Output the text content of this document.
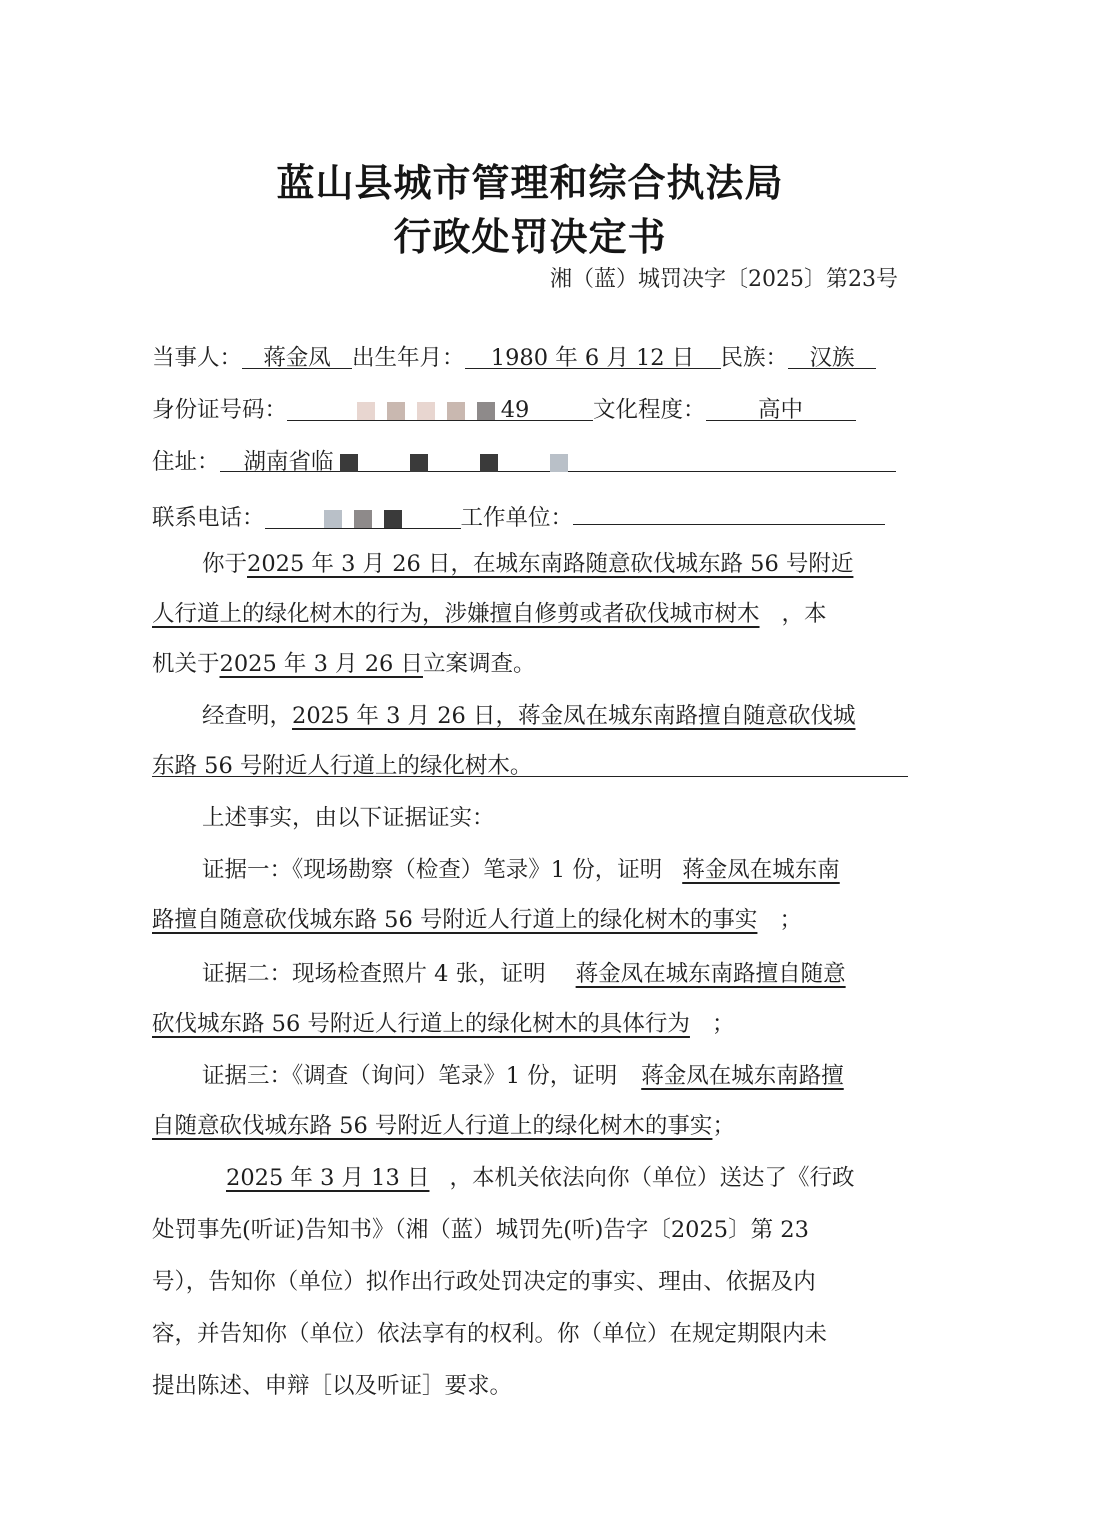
蓝山县城市管理和综合执法局
行政处罚决定书
湘（蓝）城罚决字〔2025〕第23号
当事人： 蒋金凤 出生年月： 1980 年 6 月 12 日 民族： 汉族
身份证号码：	49	文化程度： 高中
住址： 湖南省临
联系电话：	工作单位：
你于2025 年 3 月 26 日，在城东南路随意砍伐城东路 56 号附近
人行道上的绿化树木的行为，涉嫌擅自修剪或者砍伐城市树木 ，本
机关于2025 年 3 月 26 日立案调查。
经查明，2025 年 3 月 26 日，蒋金凤在城东南路擅自随意砍伐城
东路 56 号附近人行道上的绿化树木。
上述事实，由以下证据证实：
证据一：《现场勘察（检查）笔录》1 份，证明 蒋金凤在城东南
路擅自随意砍伐城东路 56 号附近人行道上的绿化树木的事实 ；
证据二：现场检查照片 4 张，证明 蒋金凤在城东南路擅自随意
砍伐城东路 56 号附近人行道上的绿化树木的具体行为 ；
证据三：《调查（询问）笔录》1 份，证明 蒋金凤在城东南路擅
自随意砍伐城东路 56 号附近人行道上的绿化树木的事实；
2025 年 3 月 13 日 ，本机关依法向你（单位）送达了《行政
处罚事先(听证)告知书》（湘（蓝）城罚先(听)告字〔2025〕第 23
号），告知你（单位）拟作出行政处罚决定的事实、理由、依据及内
容，并告知你（单位）依法享有的权利。你（单位）在规定期限内未
提出陈述、申辩［以及听证］要求。
